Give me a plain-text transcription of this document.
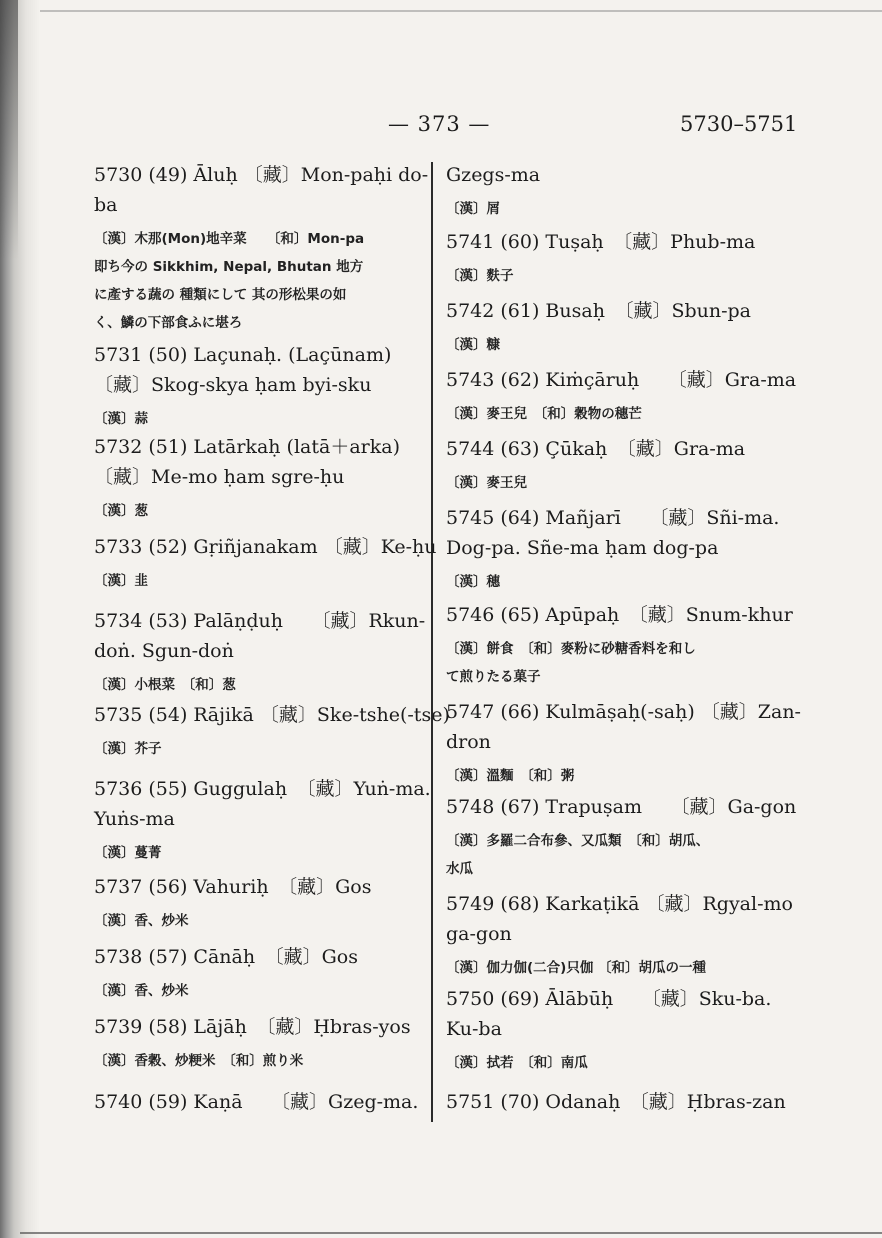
— 373 —	5730–5751
5730 (49) Āluḥ 〔藏〕Mon-paḥi do-
ba
〔漢〕木那(Mon)地辛菜　　〔和〕Mon-pa
即ち今の Sikkhim, Nepal, Bhutan 地方
に產する蔬の 種類にして 其の形松果の如
く、鱗の下部食ふに堪ろ
5731 (50) Laçunaḥ. (Laçūnam)
〔藏〕Skog-skya ḥam byi-sku
〔漢〕蒜
5732 (51) Latārkaḥ (latā＋arka)
〔藏〕Me-mo ḥam sgre-ḥu
〔漢〕葱
5733 (52) Gṛiñjanakam 〔藏〕Ke-ḥu
〔漢〕韭
5734 (53) Palāṇḍuḥ　　〔藏〕Rkun-
doṅ. Sgun-doṅ
〔漢〕小根菜　〔和〕葱
5735 (54) Rājikā 〔藏〕Ske-tshe(-tse)
〔漢〕芥子
5736 (55) Guggulaḥ　〔藏〕Yuṅ-ma.
Yuṅs-ma
〔漢〕蔓菁
5737 (56) Vahuriḥ　〔藏〕Gos
〔漢〕香、炒米
5738 (57) Cānāḥ　〔藏〕Gos
〔漢〕香、炒米
5739 (58) Lājāḥ　〔藏〕Ḥbras-yos
〔漢〕香穀、炒粳米　〔和〕煎り米
5740 (59) Kaṇā　　〔藏〕Gzeg-ma.
Gzegs-ma
〔漢〕屑
5741 (60) Tuṣaḥ　〔藏〕Phub-ma
〔漢〕麩子
5742 (61) Busaḥ　〔藏〕Sbun-pa
〔漢〕糠
5743 (62) Kiṁçāruḥ　　〔藏〕Gra-ma
〔漢〕麥王兒　〔和〕穀物の穗芒
5744 (63) Çūkaḥ　〔藏〕Gra-ma
〔漢〕麥王兒
5745 (64) Mañjarī　　〔藏〕Sñi-ma.
Dog-pa. Sñe-ma ḥam dog-pa
〔漢〕穗
5746 (65) Apūpaḥ　〔藏〕Snum-khur
〔漢〕餅食　〔和〕麥粉に砂糖香料を和し
て煎りたる菓子
5747 (66) Kulmāṣaḥ(-saḥ) 〔藏〕Zan-
dron
〔漢〕溫麵　〔和〕粥
5748 (67) Trapuṣam　　〔藏〕Ga-gon
〔漢〕多羅二合布參、又瓜類　〔和〕胡瓜、
水瓜
5749 (68) Karkaṭikā 〔藏〕Rgyal-mo
ga-gon
〔漢〕伽力伽(二合)只伽 〔和〕胡瓜の一種
5750 (69) Ālābūḥ　　〔藏〕Sku-ba.
Ku-ba
〔漢〕拭若　〔和〕南瓜
5751 (70) Odanaḥ　〔藏〕Ḥbras-zan
